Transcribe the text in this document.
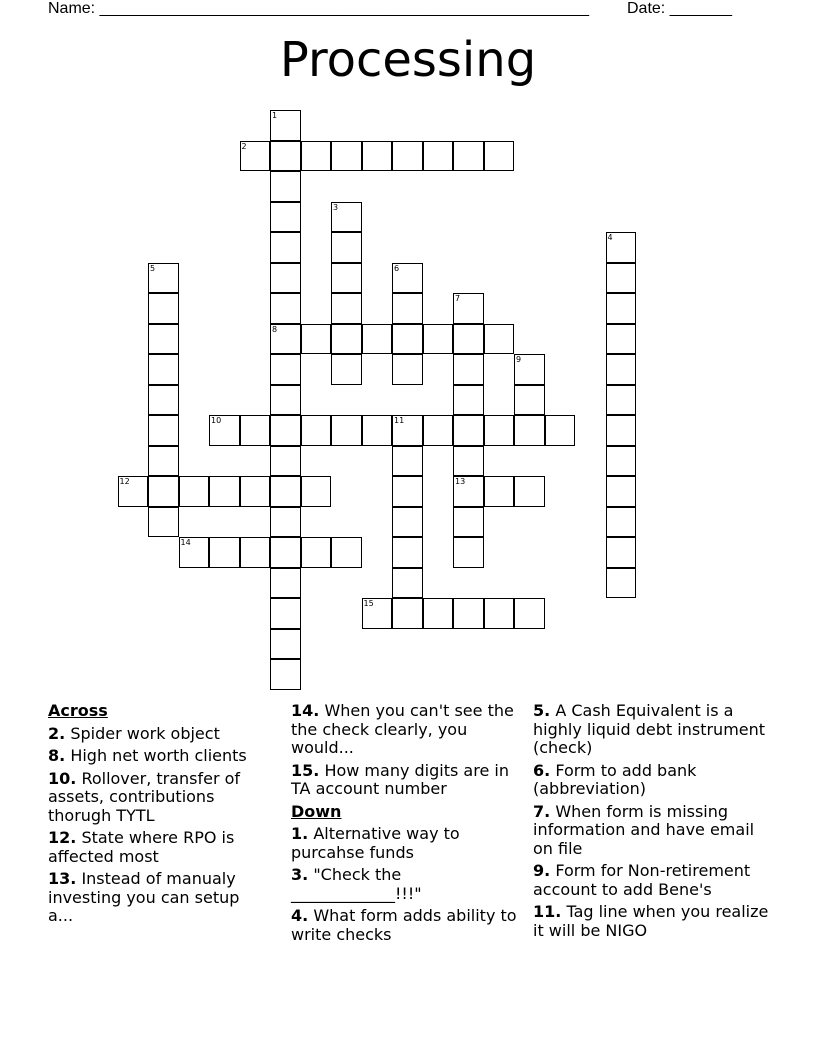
Name: _______________________________________________________ Date: _______
Processing
1
8
2
3
4
5	6
7
13
9
10	11
12
14
15
Across
2. Spider work object
8. High net worth clients
10. Rollover, transfer of assets, contributions thorugh TYTL
12. State where RPO is affected most
13. Instead of manualy investing you can setup a...
14. When you can't see the the check clearly, you would...
15. How many digits are in TA account number
Down
1. Alternative way to purcahse funds
3. "Check the _____________!!!"
4. What form adds ability to write checks
5. A Cash Equivalent is a highly liquid debt instrument (check)
6. Form to add bank (abbreviation)
7. When form is missing information and have email on file
9. Form for Non-retirement account to add Bene's
11. Tag line when you realize it will be NIGO
